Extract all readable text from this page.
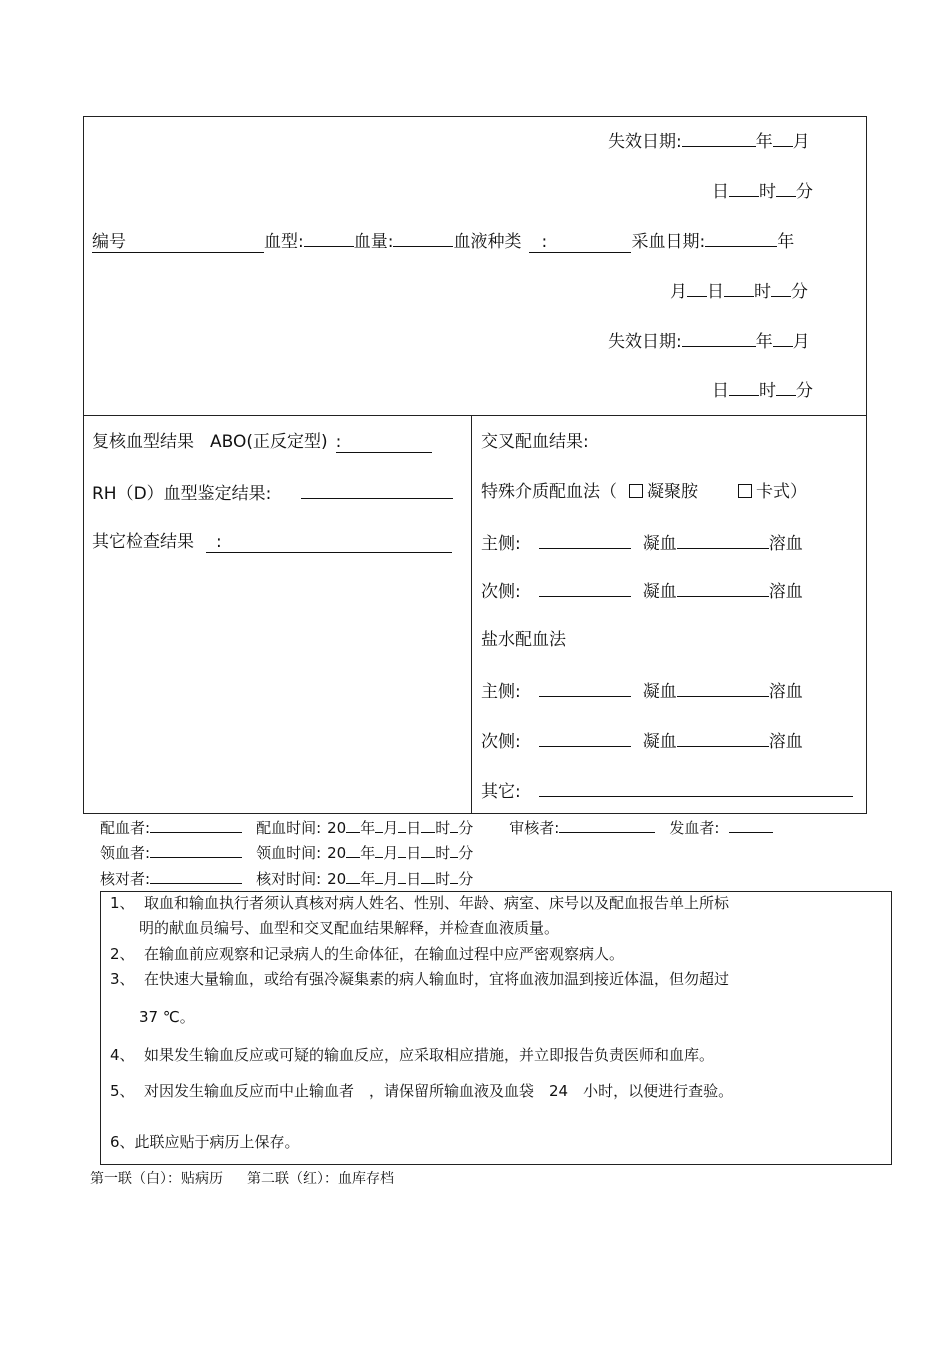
失效日期:	年 月
日 时 分
编号	血型:	血量:	血液种类 :	采血日期:	年
月 日 时 分
失效日期:	年 月
日 时 分
复核血型结果 ABO(正反定型) :
RH（D）血型鉴定结果:
其它检查结果 :
交叉配血结果:
特殊介质配血法（ 凝聚胺	卡式）
主侧:	凝血	溶血
次侧:	凝血	溶血
盐水配血法
主侧:	凝血	溶血
次侧:	凝血	溶血
其它:
配血者:	配血时间: 20 年 月 日 时 分 审核者:	发血者:
领血者:	领血时间: 20 年 月 日 时 分
核对者:	核对时间: 20 年 月 日 时 分
1、 取血和输血执行者须认真核对病人姓名、性别、年龄、病室、床号以及配血报告单上所标
明的献血员编号、血型和交叉配血结果解释，并检查血液质量。
2、 在输血前应观察和记录病人的生命体征，在输血过程中应严密观察病人。
3、 在快速大量输血，或给有强冷凝集素的病人输血时，宜将血液加温到接近体温，但勿超过
37 ℃。
4、 如果发生输血反应或可疑的输血反应，应采取相应措施，并立即报告负责医师和血库。
5、 对因发生输血反应而中止输血者　，请保留所输血液及血袋　24　小时，以便进行查验。
6、此联应贴于病历上保存。
第一联（白）：贴病历 第二联（红）：血库存档
